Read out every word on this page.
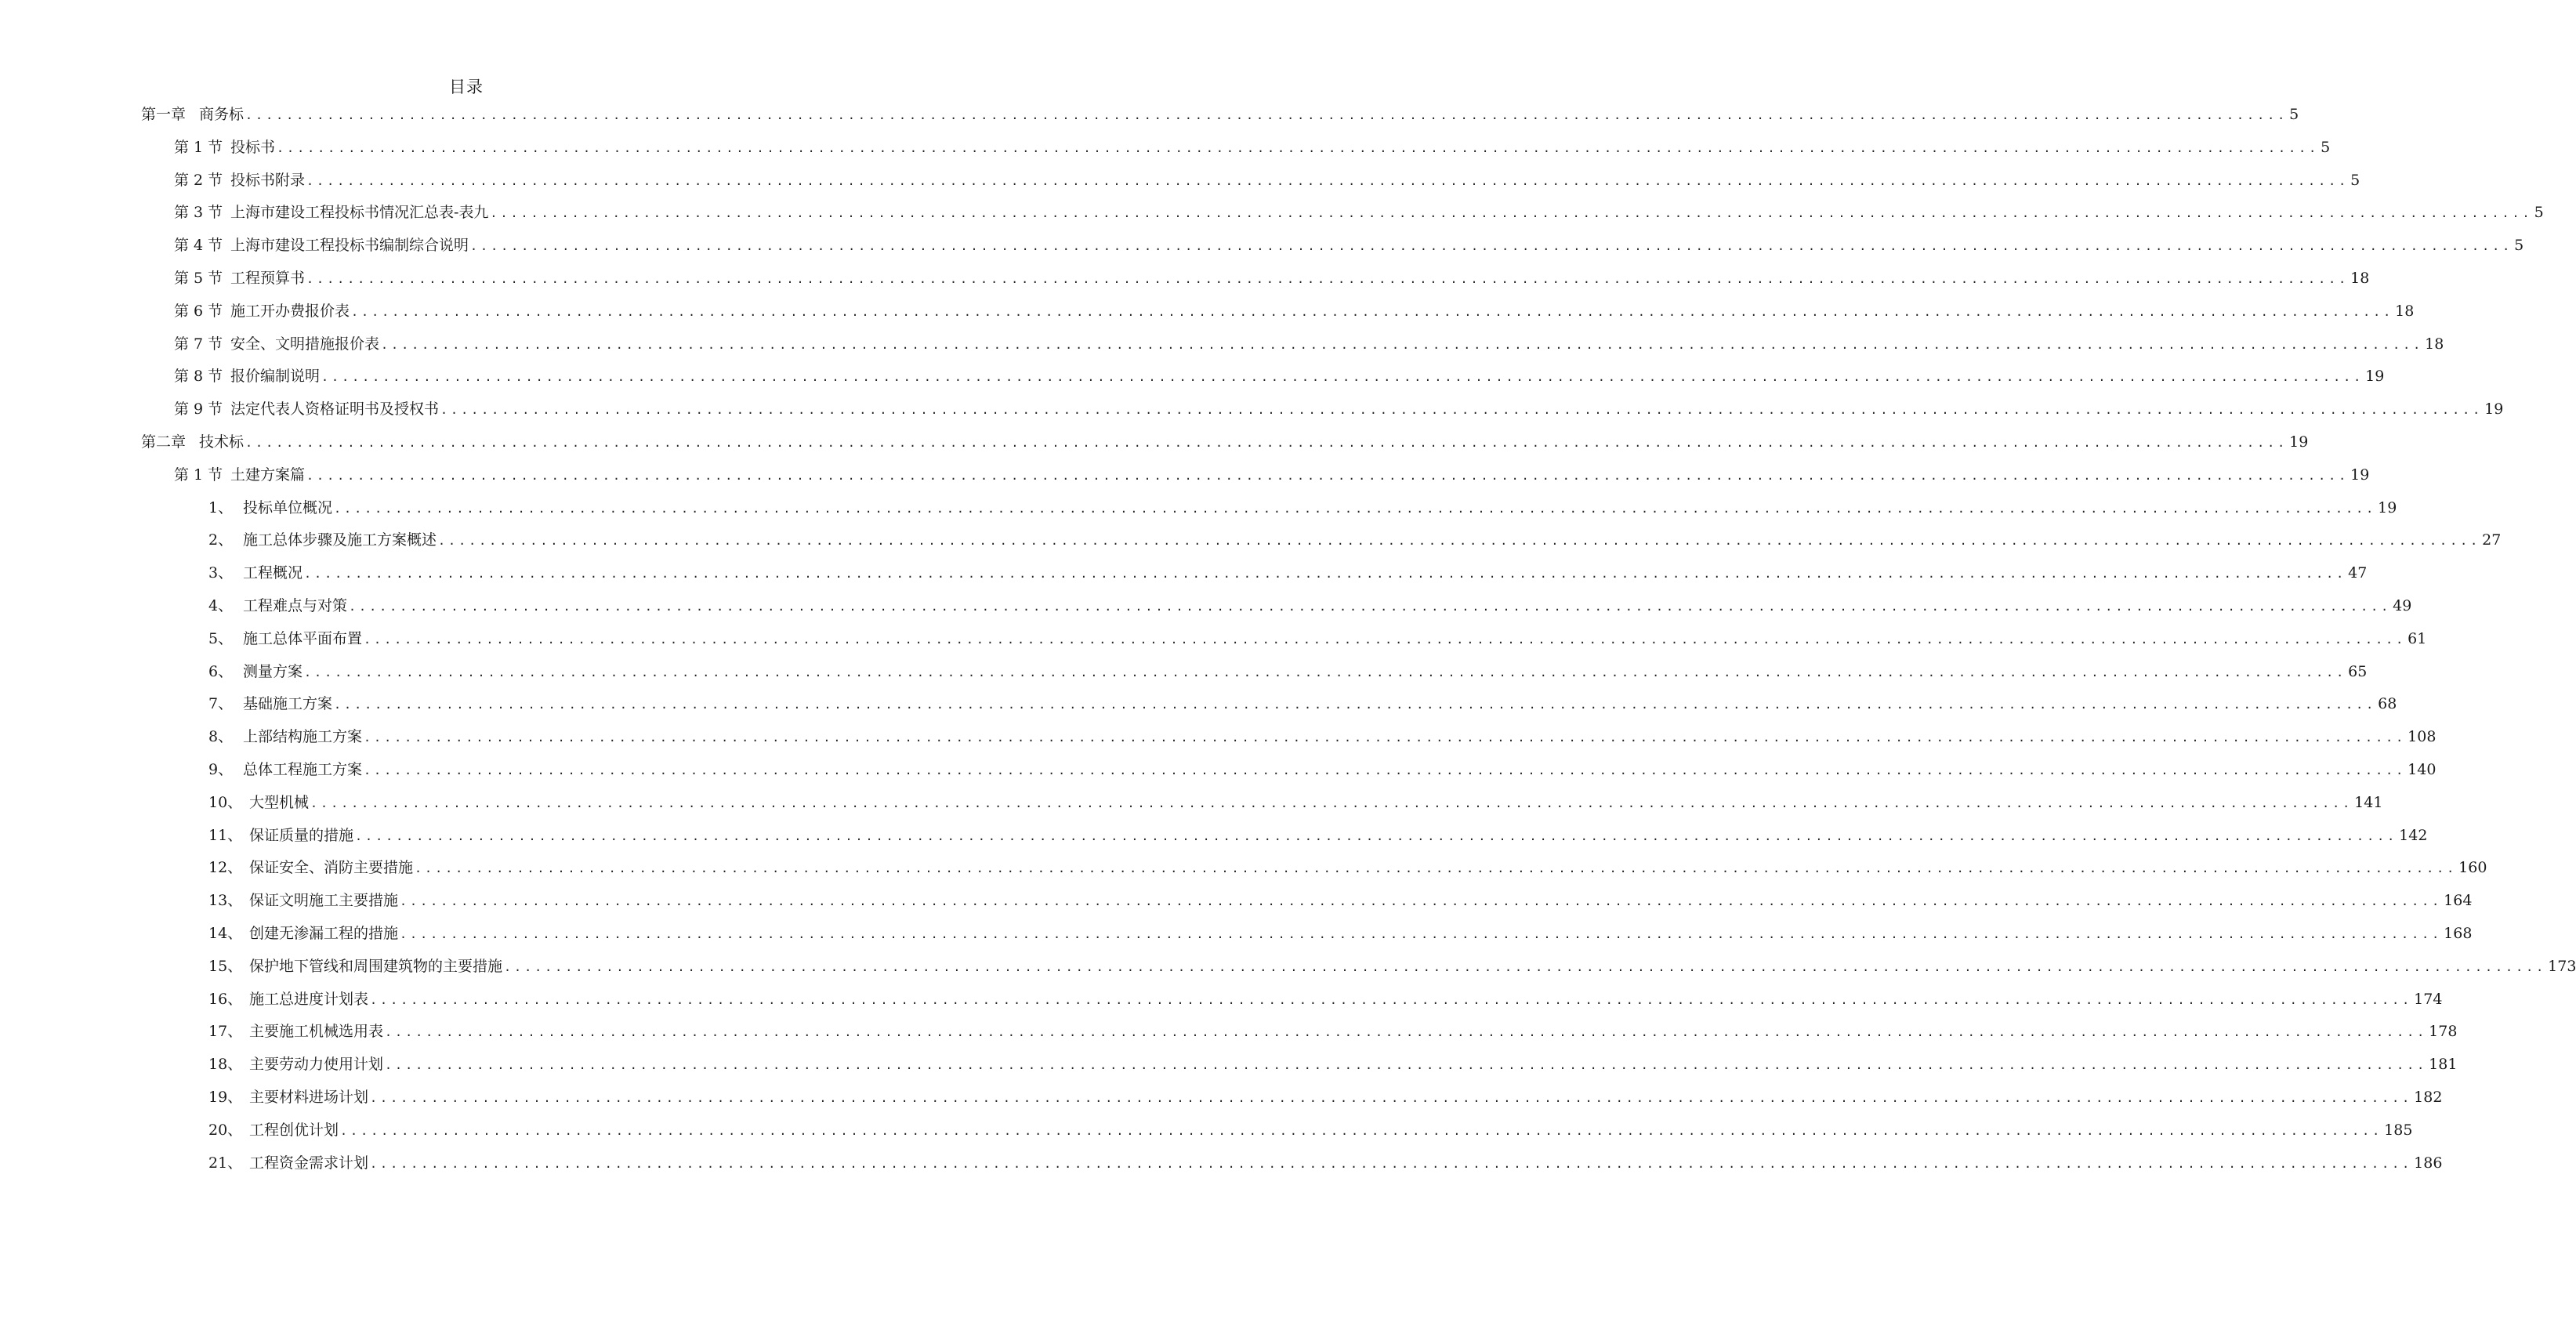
目录
第一章 商务标 ........................................................................................................................................................................................................ 5
第 1 节 投标书 ........................................................................................................................................................................................................ 5
第 2 节 投标书附录 ........................................................................................................................................................................................................ 5
第 3 节 上海市建设工程投标书情况汇总表-表九 ........................................................................................................................................................................................................ 5
第 4 节 上海市建设工程投标书编制综合说明 ........................................................................................................................................................................................................ 5
第 5 节 工程预算书 ........................................................................................................................................................................................................ 18
第 6 节 施工开办费报价表 ........................................................................................................................................................................................................ 18
第 7 节 安全、文明措施报价表 ........................................................................................................................................................................................................ 18
第 8 节 报价编制说明 ........................................................................................................................................................................................................ 19
第 9 节 法定代表人资格证明书及授权书 ........................................................................................................................................................................................................ 19
第二章 技术标 ........................................................................................................................................................................................................ 19
第 1 节 土建方案篇 ........................................................................................................................................................................................................ 19
1、 投标单位概况 ........................................................................................................................................................................................................ 19
2、 施工总体步骤及施工方案概述 ........................................................................................................................................................................................................ 27
3、 工程概况 ........................................................................................................................................................................................................ 47
4、 工程难点与对策 ........................................................................................................................................................................................................ 49
5、 施工总体平面布置 ........................................................................................................................................................................................................ 61
6、 测量方案 ........................................................................................................................................................................................................ 65
7、 基础施工方案 ........................................................................................................................................................................................................ 68
8、 上部结构施工方案 ........................................................................................................................................................................................................ 108
9、 总体工程施工方案 ........................................................................................................................................................................................................ 140
10、 大型机械 ........................................................................................................................................................................................................ 141
11、 保证质量的措施 ........................................................................................................................................................................................................ 142
12、 保证安全、消防主要措施 ........................................................................................................................................................................................................ 160
13、 保证文明施工主要措施 ........................................................................................................................................................................................................ 164
14、 创建无渗漏工程的措施 ........................................................................................................................................................................................................ 168
15、 保护地下管线和周围建筑物的主要措施 ........................................................................................................................................................................................................ 173
16、 施工总进度计划表 ........................................................................................................................................................................................................ 174
17、 主要施工机械选用表 ........................................................................................................................................................................................................ 178
18、 主要劳动力使用计划 ........................................................................................................................................................................................................ 181
19、 主要材料进场计划 ........................................................................................................................................................................................................ 182
20、 工程创优计划 ........................................................................................................................................................................................................ 185
21、 工程资金需求计划 ........................................................................................................................................................................................................ 186
